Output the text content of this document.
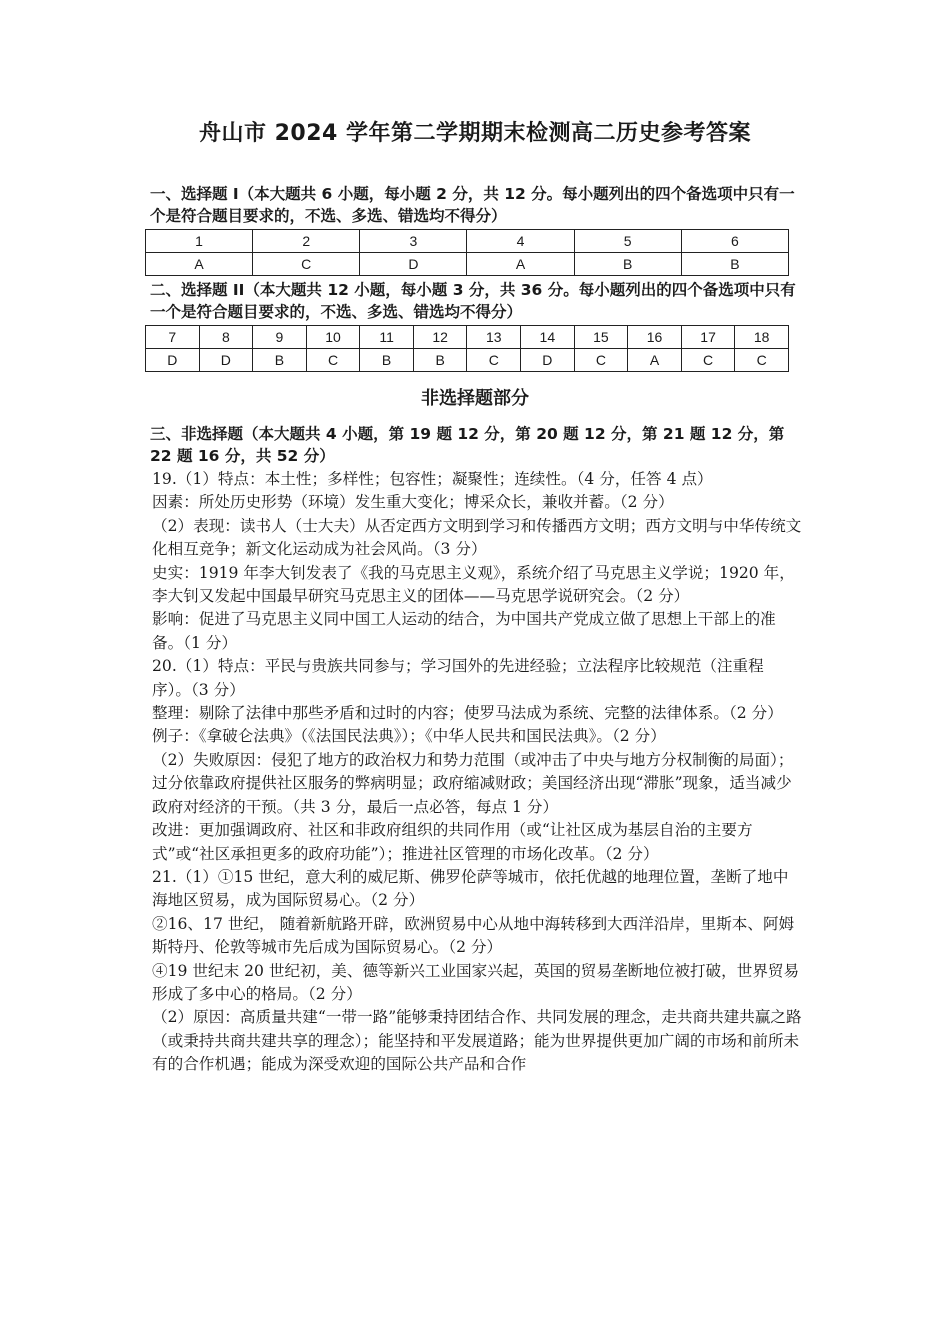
舟山市 2024 学年第二学期期末检测高二历史参考答案
一、选择题 I（本大题共 6 小题，每小题 2 分，共 12 分。每小题列出的四个备选项中只有一个是符合题目要求的，不选、多选、错选均不得分）
1	2	3	4	5	6
A	C	D	A	B	B
二、选择题 II（本大题共 12 小题，每小题 3 分，共 36 分。每小题列出的四个备选项中只有一个是符合题目要求的，不选、多选、错选均不得分）
7	8	9	10	11	12	13	14	15	16	17	18
D	D	B	C	B	B	C	D	C	A	C	C
非选择题部分
三、非选择题（本大题共 4 小题，第 19 题 12 分，第 20 题 12 分，第 21 题 12 分，第 22 题 16 分，共 52 分）

19.（1）特点：本土性；多样性；包容性；凝聚性；连续性。（4 分，任答 4 点）

因素：所处历史形势（环境）发生重大变化；博采众长，兼收并蓄。（2 分）

（2）表现：读书人（士大夫）从否定西方文明到学习和传播西方文明；西方文明与中华传统文化相互竞争；新文化运动成为社会风尚。（3 分）

史实：1919 年李大钊发表了《我的马克思主义观》，系统介绍了马克思主义学说；1920 年，李大钊又发起中国最早研究马克思主义的团体——马克思学说研究会。（2 分）

影响：促进了马克思主义同中国工人运动的结合，为中国共产党成立做了思想上干部上的准备。（1 分）

20.（1）特点：平民与贵族共同参与；学习国外的先进经验；立法程序比较规范（注重程序）。（3 分）

整理：剔除了法律中那些矛盾和过时的内容；使罗马法成为系统、完整的法律体系。（2 分）

例子：《拿破仑法典》（《法国民法典》）；《中华人民共和国民法典》。（2 分）

（2）失败原因：侵犯了地方的政治权力和势力范围（或冲击了中央与地方分权制衡的局面）；过分依靠政府提供社区服务的弊病明显；政府缩减财政；美国经济出现“滞胀”现象，适当减少政府对经济的干预。（共 3 分，最后一点必答，每点 1 分）

改进：更加强调政府、社区和非政府组织的共同作用（或“让社区成为基层自治的主要方式”或“社区承担更多的政府功能”）；推进社区管理的市场化改革。（2 分）

21.（1）①15 世纪，意大利的威尼斯、佛罗伦萨等城市，依托优越的地理位置，垄断了地中海地区贸易，成为国际贸易心。（2 分）

②16、17 世纪， 随着新航路开辟，欧洲贸易中心从地中海转移到大西洋沿岸，里斯本、阿姆斯特丹、伦敦等城市先后成为国际贸易心。（2 分）

④19 世纪末 20 世纪初，美、德等新兴工业国家兴起，英国的贸易垄断地位被打破，世界贸易形成了多中心的格局。（2 分）

（2）原因：高质量共建“一带一路”能够秉持团结合作、共同发展的理念，走共商共建共赢之路（或秉持共商共建共享的理念）；能坚持和平发展道路；能为世界提供更加广阔的市场和前所未有的合作机遇；能成为深受欢迎的国际公共产品和合作
